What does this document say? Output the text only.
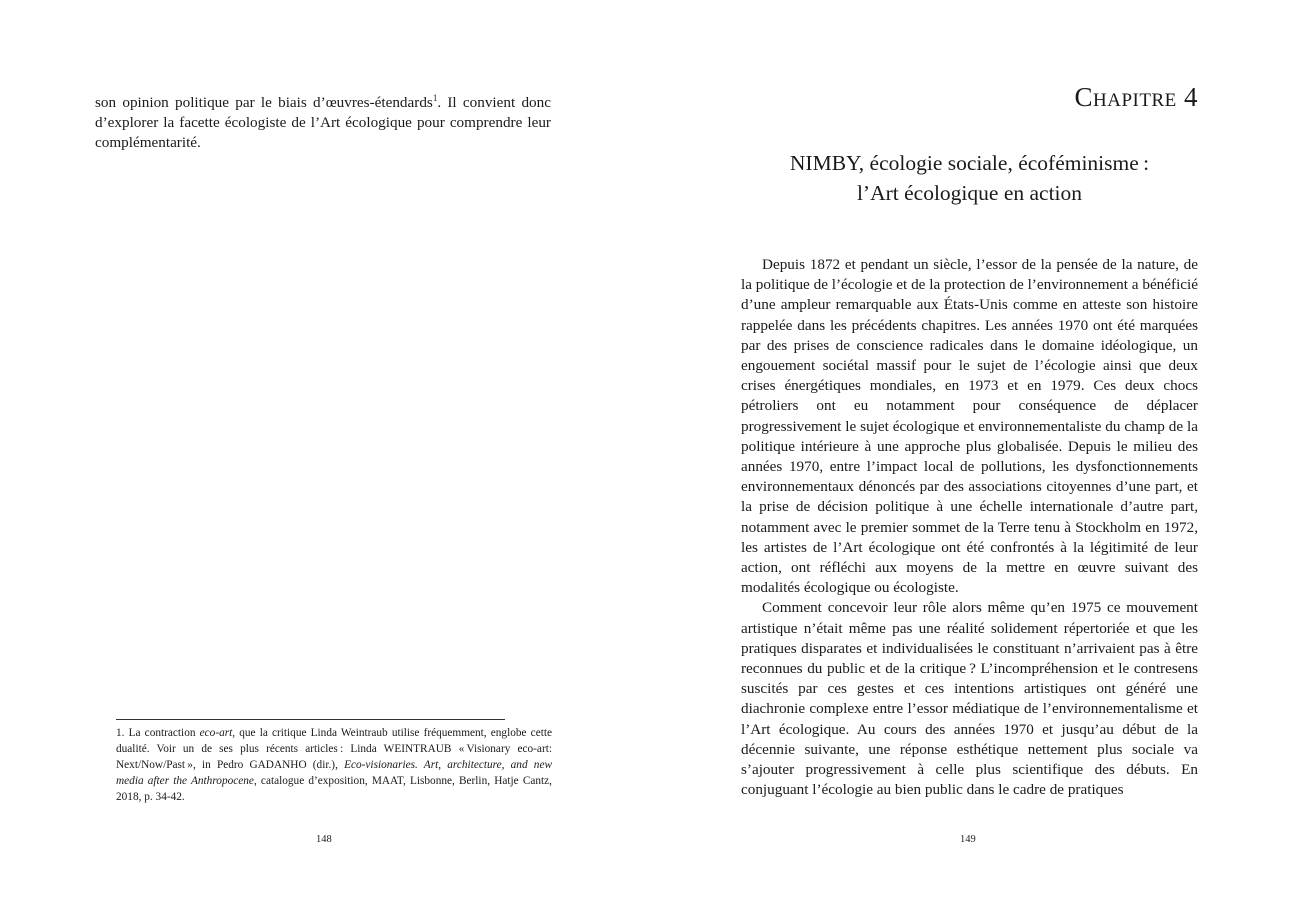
son opinion politique par le biais d’œuvres-étendards$^1$. Il convient donc d’explorer la facette écologiste de l’Art écologique pour comprendre leur complémentarité.

1. La contraction eco-art, que la critique Linda Weintraub utilise fréquemment, englobe cette dualité. Voir un de ses plus récents articles : Linda WEINTRAUB « Visionary eco-art: Next/Now/Past », in Pedro GADANHO (dir.), Eco-visionaries. Art, architecture, and new media after the Anthropocene, catalogue d’exposition, MAAT, Lisbonne, Berlin, Hatje Cantz, 2018, p. 34-42.
148
Chapitre 4
NIMBY, écologie sociale, écoféminisme :
l’Art écologique en action

Depuis 1872 et pendant un siècle, l’essor de la pensée de la nature, de la politique de l’écologie et de la protection de l’environnement a bénéficié d’une ampleur remarquable aux États-Unis comme en atteste son histoire rappelée dans les précédents chapitres. Les années 1970 ont été marquées par des prises de conscience radicales dans le domaine idéologique, un engouement sociétal massif pour le sujet de l’écologie ainsi que deux crises énergétiques mondiales, en 1973 et en 1979. Ces deux chocs pétroliers ont eu notamment pour conséquence de déplacer progressivement le sujet écologique et environnementaliste du champ de la politique intérieure à une approche plus globalisée. Depuis le milieu des années 1970, entre l’impact local de pollutions, les dysfonctionnements environnementaux dénoncés par des associations citoyennes d’une part, et la prise de décision politique à une échelle internationale d’autre part, notamment avec le premier sommet de la Terre tenu à Stockholm en 1972, les artistes de l’Art écologique ont été confrontés à la légitimité de leur action, ont réfléchi aux moyens de la mettre en œuvre suivant des modalités écologique ou écologiste.

Comment concevoir leur rôle alors même qu’en 1975 ce mouvement artistique n’était même pas une réalité solidement répertoriée et que les pratiques disparates et individualisées le constituant n’arrivaient pas à être reconnues du public et de la critique ? L’incompréhension et le contresens suscités par ces gestes et ces intentions artistiques ont généré une diachronie complexe entre l’essor médiatique de l’environnementalisme et l’Art écologique. Au cours des années 1970 et jusqu’au début de la décennie suivante, une réponse esthétique nettement plus sociale va s’ajouter progressivement à celle plus scientifique des débuts. En conjuguant l’écologie au bien public dans le cadre de pratiques

149
